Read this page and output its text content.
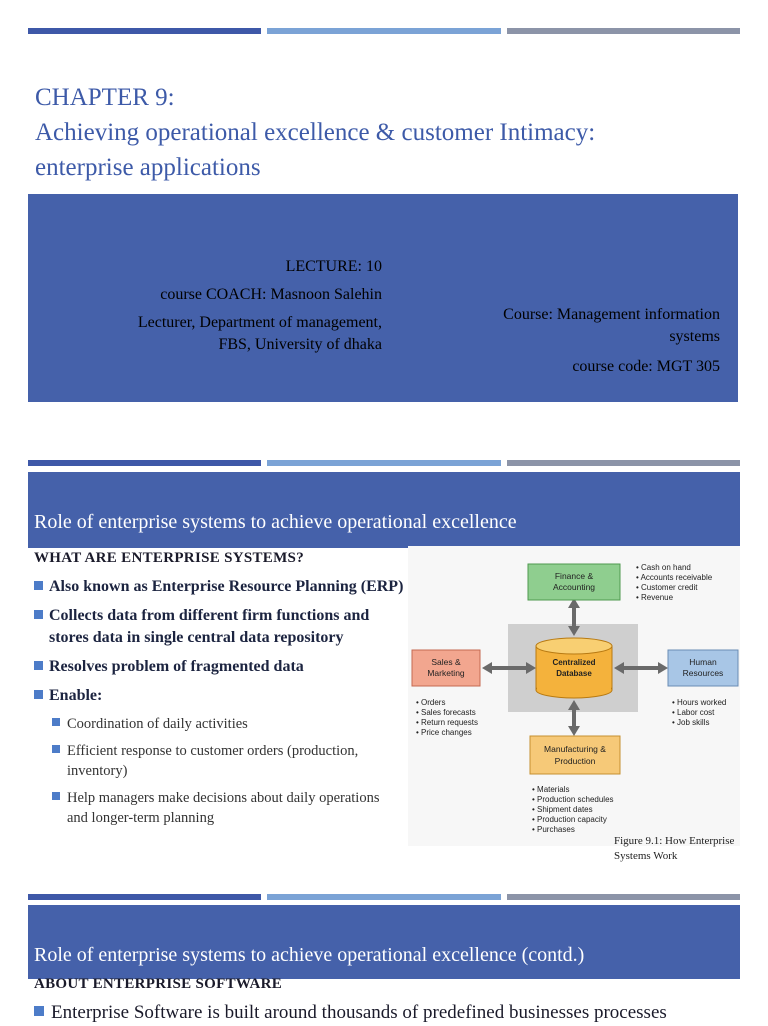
CHAPTER 9:
Achieving operational excellence & customer Intimacy:
enterprise applications
LECTURE: 10
course COACH: Masnoon Salehin
Lecturer, Department of management,
FBS, University of dhaka
Course: Management information
systems
course code: MGT 305
Role of enterprise systems to achieve operational excellence
WHAT ARE ENTERPRISE SYSTEMS?
Also known as Enterprise Resource Planning (ERP)
Collects data from different firm functions and stores data in single central data repository
Resolves problem of fragmented data
Enable:
Coordination of daily activities
Efficient response to customer orders (production, inventory)
Help managers make decisions about daily operations and longer-term planning
Finance &
Accounting
Sales &
Marketing
Human
Resources
Manufacturing &
Production
Centralized
Database
• Cash on hand
• Accounts receivable
• Customer credit
• Revenue
• Orders
• Sales forecasts
• Return requests
• Price changes
• Hours worked
• Labor cost
• Job skills
• Materials
• Production schedules
• Shipment dates
• Production capacity
• Purchases
Figure 9.1: How Enterprise Systems Work
Role of enterprise systems to achieve operational excellence (contd.)
ABOUT ENTERPRISE SOFTWARE
Enterprise Software is built around thousands of predefined businesses processes
